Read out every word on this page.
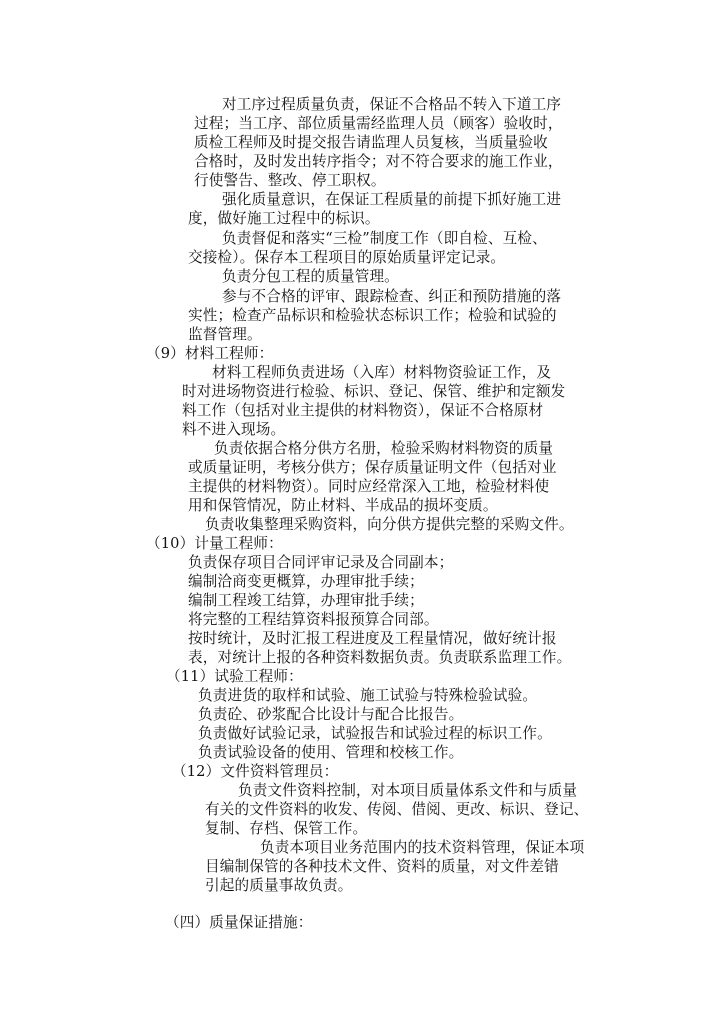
对工序过程质量负责，保证不合格品不转入下道工序
过程；当工序、部位质量需经监理人员（顾客）验收时，
质检工程师及时提交报告请监理人员复核，当质量验收
合格时，及时发出转序指令；对不符合要求的施工作业，
行使警告、整改、停工职权。
强化质量意识，在保证工程质量的前提下抓好施工进
度，做好施工过程中的标识。
负责督促和落实“三检”制度工作（即自检、互检、
交接检）。保存本工程项目的原始质量评定记录。
负责分包工程的质量管理。
参与不合格的评审、跟踪检查、纠正和预防措施的落
实性；检查产品标识和检验状态标识工作；检验和试验的
监督管理。
（9）材料工程师：
材料工程师负责进场（入库）材料物资验证工作，及
时对进场物资进行检验、标识、登记、保管、维护和定额发
料工作（包括对业主提供的材料物资），保证不合格原材
料不进入现场。
负责依据合格分供方名册，检验采购材料物资的质量
或质量证明，考核分供方；保存质量证明文件（包括对业
主提供的材料物资）。同时应经常深入工地，检验材料使
用和保管情况，防止材料、半成品的损坏变质。
负责收集整理采购资料，向分供方提供完整的采购文件。
（10）计量工程师：
负责保存项目合同评审记录及合同副本；
编制洽商变更概算，办理审批手续；
编制工程竣工结算，办理审批手续；
将完整的工程结算资料报预算合同部。
按时统计，及时汇报工程进度及工程量情况，做好统计报
表，对统计上报的各种资料数据负责。负责联系监理工作。
（11）试验工程师：
负责进货的取样和试验、施工试验与特殊检验试验。
负责砼、砂浆配合比设计与配合比报告。
负责做好试验记录，试验报告和试验过程的标识工作。
负责试验设备的使用、管理和校核工作。
（12）文件资料管理员：
负责文件资料控制，对本项目质量体系文件和与质量
有关的文件资料的收发、传阅、借阅、更改、标识、登记、
复制、存档、保管工作。
负责本项目业务范围内的技术资料管理，保证本项
目编制保管的各种技术文件、资料的质量，对文件差错
引起的质量事故负责。
（四）质量保证措施：
